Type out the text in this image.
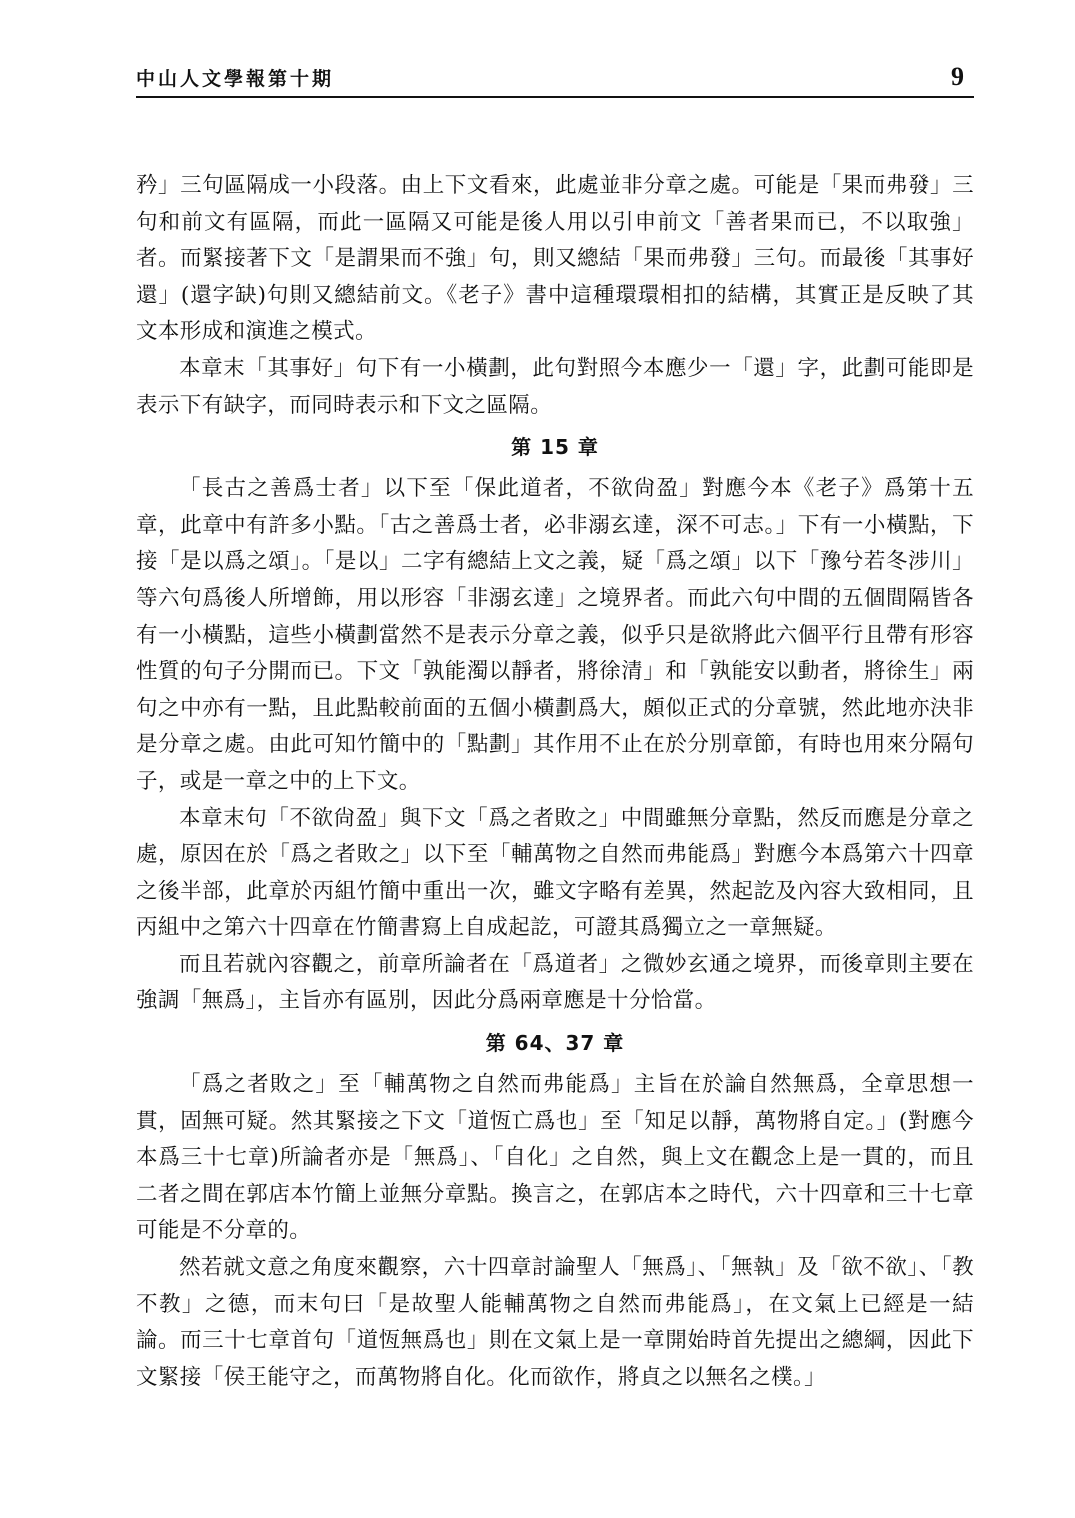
中山人文學報第十期	9

矜」三句區隔成一小段落。由上下文看來，此處並非分章之處。可能是「果而弗發」三句和前文有區隔，而此一區隔又可能是後人用以引申前文「善者果而已，不以取強」者。而緊接著下文「是謂果而不強」句，則又總結「果而弗發」三句。而最後「其事好還」(還字缺)句則又總結前文。《老子》書中這種環環相扣的結構，其實正是反映了其文本形成和演進之模式。

本章末「其事好」句下有一小橫劃，此句對照今本應少一「還」字，此劃可能即是表示下有缺字，而同時表示和下文之區隔。

第 15 章

「長古之善爲士者」以下至「保此道者，不欲尙盈」對應今本《老子》爲第十五章，此章中有許多小點。「古之善爲士者，必非溺玄達，深不可志。」下有一小橫點，下接「是以爲之頌」。「是以」二字有總結上文之義，疑「爲之頌」以下「豫兮若冬涉川」等六句爲後人所增飾，用以形容「非溺玄達」之境界者。而此六句中間的五個間隔皆各有一小橫點，這些小橫劃當然不是表示分章之義，似乎只是欲將此六個平行且帶有形容性質的句子分開而已。下文「孰能濁以靜者，將徐清」和「孰能安以動者，將徐生」兩句之中亦有一點，且此點較前面的五個小橫劃爲大，頗似正式的分章號，然此地亦決非是分章之處。由此可知竹簡中的「點劃」其作用不止在於分別章節，有時也用來分隔句子，或是一章之中的上下文。

本章末句「不欲尙盈」與下文「爲之者敗之」中間雖無分章點，然反而應是分章之處，原因在於「爲之者敗之」以下至「輔萬物之自然而弗能爲」對應今本爲第六十四章之後半部，此章於丙組竹簡中重出一次，雖文字略有差異，然起訖及內容大致相同，且丙組中之第六十四章在竹簡書寫上自成起訖，可證其爲獨立之一章無疑。

而且若就內容觀之，前章所論者在「爲道者」之微妙玄通之境界，而後章則主要在強調「無爲」，主旨亦有區別，因此分爲兩章應是十分恰當。

第 64、37 章

「爲之者敗之」至「輔萬物之自然而弗能爲」主旨在於論自然無爲，全章思想一貫，固無可疑。然其緊接之下文「道恆亡爲也」至「知足以靜，萬物將自定。」(對應今本爲三十七章)所論者亦是「無爲」、「自化」之自然，與上文在觀念上是一貫的，而且二者之間在郭店本竹簡上並無分章點。換言之，在郭店本之時代，六十四章和三十七章可能是不分章的。

然若就文意之角度來觀察，六十四章討論聖人「無爲」、「無執」及「欲不欲」、「教不教」之德，而末句曰「是故聖人能輔萬物之自然而弗能爲」，在文氣上已經是一結論。而三十七章首句「道恆無爲也」則在文氣上是一章開始時首先提出之總綱，因此下文緊接「侯王能守之，而萬物將自化。化而欲作，將貞之以無名之樸。」
